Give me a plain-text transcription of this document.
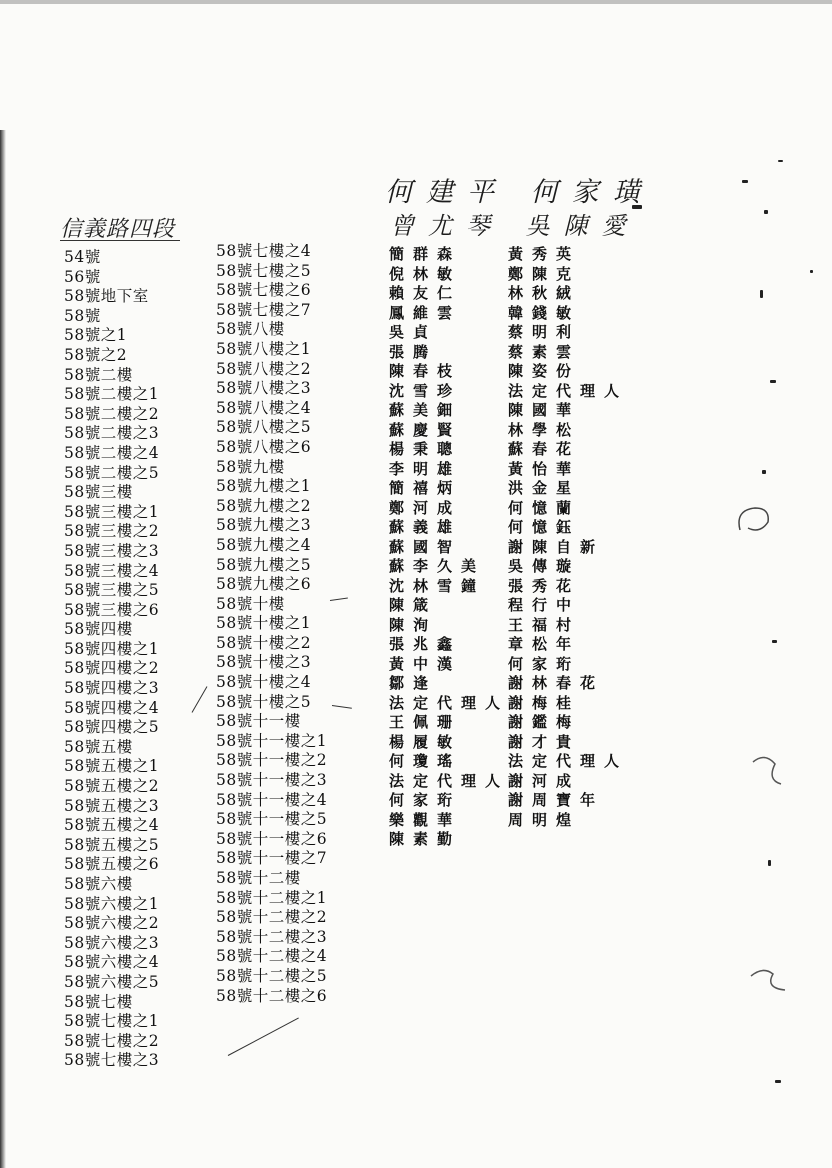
信義路四段
何建平 何家璜
曾尤琴 吳陳愛
54號
56號
58號地下室
58號
58號之1
58號之2
58號二樓
58號二樓之1
58號二樓之2
58號二樓之3
58號二樓之4
58號二樓之5
58號三樓
58號三樓之1
58號三樓之2
58號三樓之3
58號三樓之4
58號三樓之5
58號三樓之6
58號四樓
58號四樓之1
58號四樓之2
58號四樓之3
58號四樓之4
58號四樓之5
58號五樓
58號五樓之1
58號五樓之2
58號五樓之3
58號五樓之4
58號五樓之5
58號五樓之6
58號六樓
58號六樓之1
58號六樓之2
58號六樓之3
58號六樓之4
58號六樓之5
58號七樓
58號七樓之1
58號七樓之2
58號七樓之3
58號七樓之4
58號七樓之5
58號七樓之6
58號七樓之7
58號八樓
58號八樓之1
58號八樓之2
58號八樓之3
58號八樓之4
58號八樓之5
58號八樓之6
58號九樓
58號九樓之1
58號九樓之2
58號九樓之3
58號九樓之4
58號九樓之5
58號九樓之6
58號十樓
58號十樓之1
58號十樓之2
58號十樓之3
58號十樓之4
58號十樓之5
58號十一樓
58號十一樓之1
58號十一樓之2
58號十一樓之3
58號十一樓之4
58號十一樓之5
58號十一樓之6
58號十一樓之7
58號十二樓
58號十二樓之1
58號十二樓之2
58號十二樓之3
58號十二樓之4
58號十二樓之5
58號十二樓之6
簡群森
倪林敏
賴友仁
鳳維雲
吳貞
張腾
陳春枝
沈雪珍
蘇美鈿
蘇慶賢
楊秉聰
李明雄
簡禧炳
鄭河成
蘇義雄
蘇國智
蘇李久美
沈林雪鐘
陳箴
陳洵
張兆鑫
黃中漢
鄒逢
法定代理人
王佩珊
楊履敏
何瓊瑤
法定代理人
何家珩
樂觀華
陳素勤
黃秀英
鄭陳克
林秋絨
韓錢敏
蔡明利
蔡素雲
陳姿份
法定代理人
陳國華
林學松
蘇春花
黃怡華
洪金星
何憶蘭
何憶鈺
謝陳自新
吳傳璇
張秀花
程行中
王福村
章松年
何家珩
謝林春花
謝梅桂
謝鑑梅
謝才貴
法定代理人
謝河成
謝周寶年
周明煌
